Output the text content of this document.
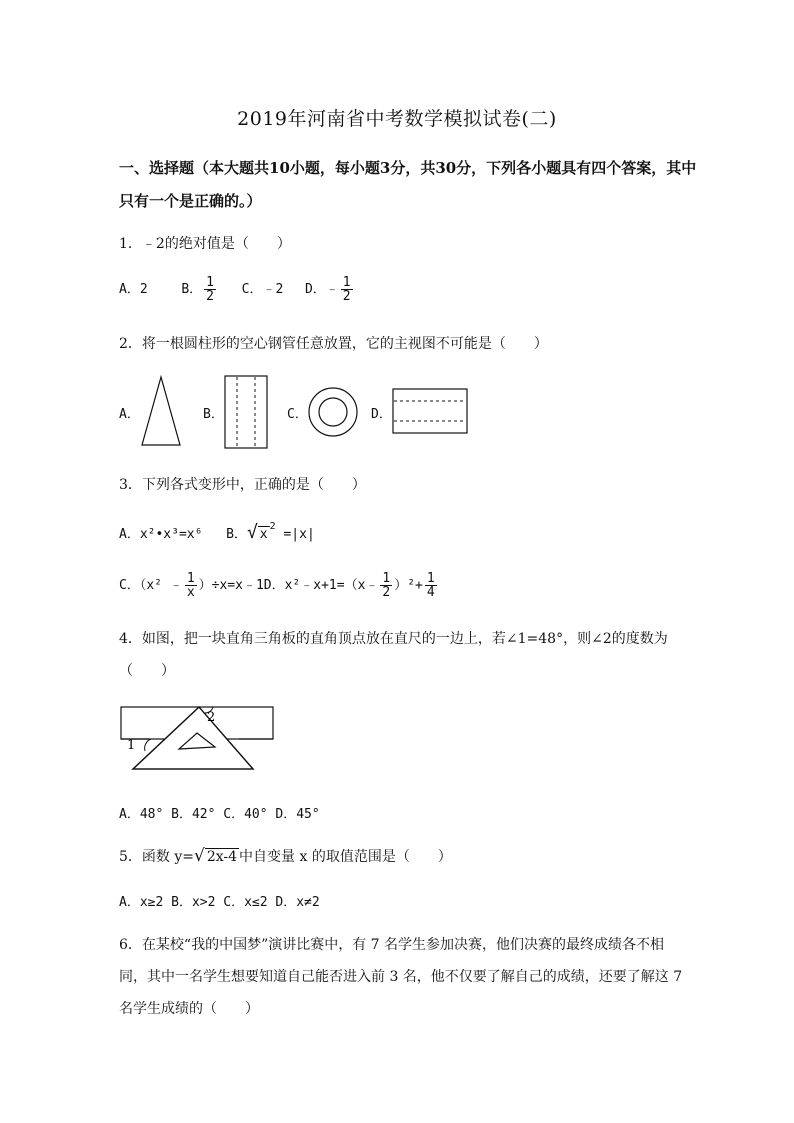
2019年河南省中考数学模拟试卷(二)
一、选择题（本大题共10小题，每小题3分，共30分，下列各小题具有四个答案，其中
只有一个是正确的。）
1．﹣2的绝对值是（　　）
A．2	B． $\frac{1}{2}$ C．﹣2 D．﹣ $\frac{1}{2}$
2．将一根圆柱形的空心钢管任意放置，它的主视图不可能是（　　）
A．	B．	C．	D．
3．下列各式变形中，正确的是（　　）
A．x²•x³=x⁶ B．√ $x^2 =|x|$
C．（x² ﹣ $\frac{1}{x}$ ）÷x=x﹣1D．x²﹣x+1=（x﹣ $\frac{1}{2} )^2+ \frac{1}{4}$
4．如图，把一块直角三角板的直角顶点放在直尺的一边上，若∠1=48°，则∠2的度数为
（　　）
1
2
A．48° B．42° C．40° D．45°
5．函数 y=√ 2x-4 中自变量 x 的取值范围是（　　）
A．x≥2 B．x>2 C．x≤2 D．x≠2
6．在某校“我的中国梦”演讲比赛中，有 7 名学生参加决赛，他们决赛的最终成绩各不相
同，其中一名学生想要知道自己能否进入前 3 名，他不仅要了解自己的成绩，还要了解这 7
名学生成绩的（　　）
